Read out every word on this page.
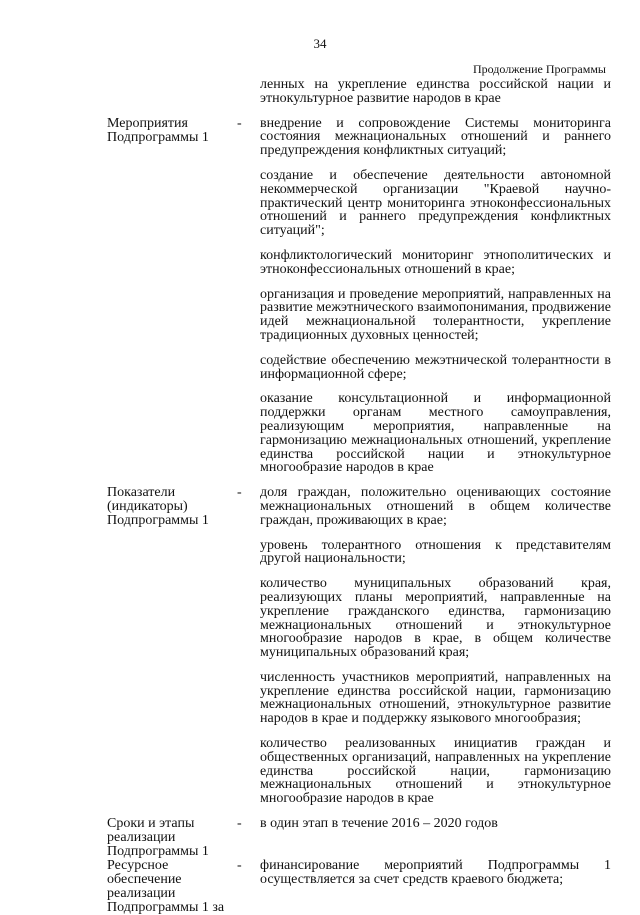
34
Продолжение Программы

ленных на укрепление единства российской нации и этнокультурное развитие народов в крае

Мероприятия Подпрограммы 1
-	внедрение и сопровождение Системы мониторинга состояния межнациональных отношений и раннего предупреждения конфликтных ситуаций;

создание и обеспечение деятельности автономной некоммерческой организации "Краевой научно-практический центр мониторинга этноконфессиональных отношений и раннего предупреждения конфликтных ситуаций";

конфликтологический мониторинг этнополитических и этноконфессиональных отношений в крае;

организация и проведение мероприятий, направленных на развитие межэтнического взаимопонимания, продвижение идей межнациональной толерантности, укрепление традиционных духовных ценностей;

содействие обеспечению межэтнической толерантности в информационной сфере;

оказание консультационной и информационной поддержки органам местного самоуправления, реализующим мероприятия, направленные на гармонизацию межнациональных отношений, укрепление единства российской нации и этнокультурное многообразие народов в крае

Показатели (индикаторы) Подпрограммы 1
-	доля граждан, положительно оценивающих состояние межнациональных отношений в общем количестве граждан, проживающих в крае;

уровень толерантного отношения к представителям другой национальности;

количество муниципальных образований края, реализующих планы мероприятий, направленные на укрепление гражданского единства, гармонизацию межнациональных отношений и этнокультурное многообразие народов в крае, в общем количестве муниципальных образований края;

численность участников мероприятий, направленных на укрепление единства российской нации, гармонизацию межнациональных отношений, этнокультурное развитие народов в крае и поддержку языкового многообразия;

количество реализованных инициатив граждан и общественных организаций, направленных на укрепление единства российской нации, гармонизацию межнациональных отношений и этнокультурное многообразие народов в крае

Сроки и этапы реализации Подпрограммы 1
-	в один этап в течение 2016 – 2020 годов

Ресурсное обеспечение реализации Подпрограммы 1 за
-	финансирование мероприятий Подпрограммы 1 осуществляется за счет средств краевого бюджета;
